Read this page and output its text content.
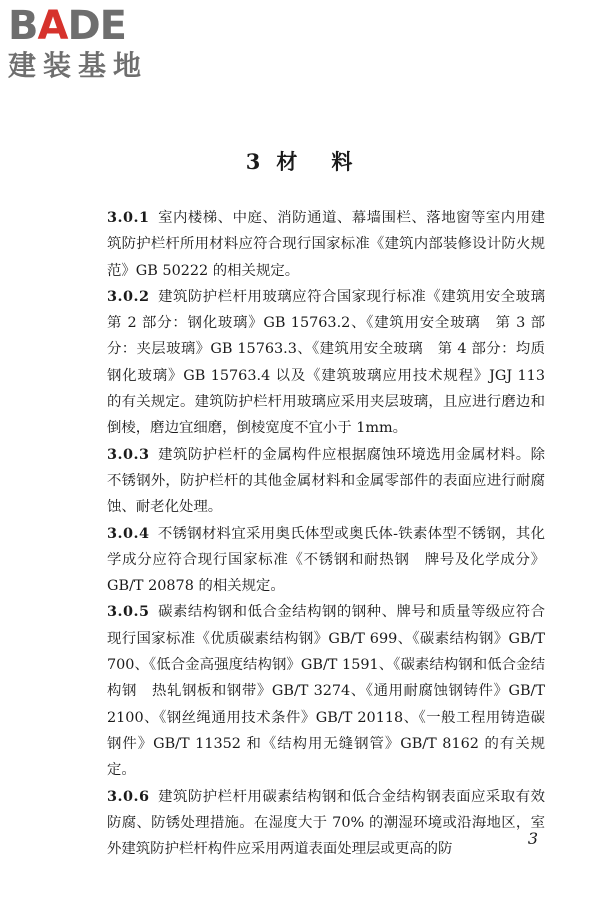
B A DE
建装基地
3 材 料

3.0.1 室内楼梯、中庭、消防通道、幕墙围栏、落地窗等室内用建筑防护栏杆所用材料应符合现行国家标准《建筑内部装修设计防火规范》GB 50222 的相关规定。

3.0.2 建筑防护栏杆用玻璃应符合国家现行标准《建筑用安全玻璃　第 2 部分：钢化玻璃》GB 15763.2、《建筑用安全玻璃　第 3 部分：夹层玻璃》GB 15763.3、《建筑用安全玻璃　第 4 部分：均质钢化玻璃》GB 15763.4 以及《建筑玻璃应用技术规程》JGJ 113 的有关规定。建筑防护栏杆用玻璃应采用夹层玻璃，且应进行磨边和倒棱，磨边宜细磨，倒棱宽度不宜小于 1mm。

3.0.3 建筑防护栏杆的金属构件应根据腐蚀环境选用金属材料。除不锈钢外，防护栏杆的其他金属材料和金属零部件的表面应进行耐腐蚀、耐老化处理。

3.0.4 不锈钢材料宜采用奥氏体型或奥氏体-铁素体型不锈钢，其化学成分应符合现行国家标准《不锈钢和耐热钢　牌号及化学成分》GB/T 20878 的相关规定。

3.0.5 碳素结构钢和低合金结构钢的钢种、牌号和质量等级应符合现行国家标准《优质碳素结构钢》GB/T 699、《碳素结构钢》GB/T 700、《低合金高强度结构钢》GB/T 1591、《碳素结构钢和低合金结构钢　热轧钢板和钢带》GB/T 3274、《通用耐腐蚀钢铸件》GB/T 2100、《钢丝绳通用技术条件》GB/T 20118、《一般工程用铸造碳钢件》GB/T 11352 和《结构用无缝钢管》GB/T 8162 的有关规定。

3.0.6 建筑防护栏杆用碳素结构钢和低合金结构钢表面应采取有效防腐、防锈处理措施。在湿度大于 70% 的潮湿环境或沿海地区，室外建筑防护栏杆构件应采用两道表面处理层或更高的防

3
